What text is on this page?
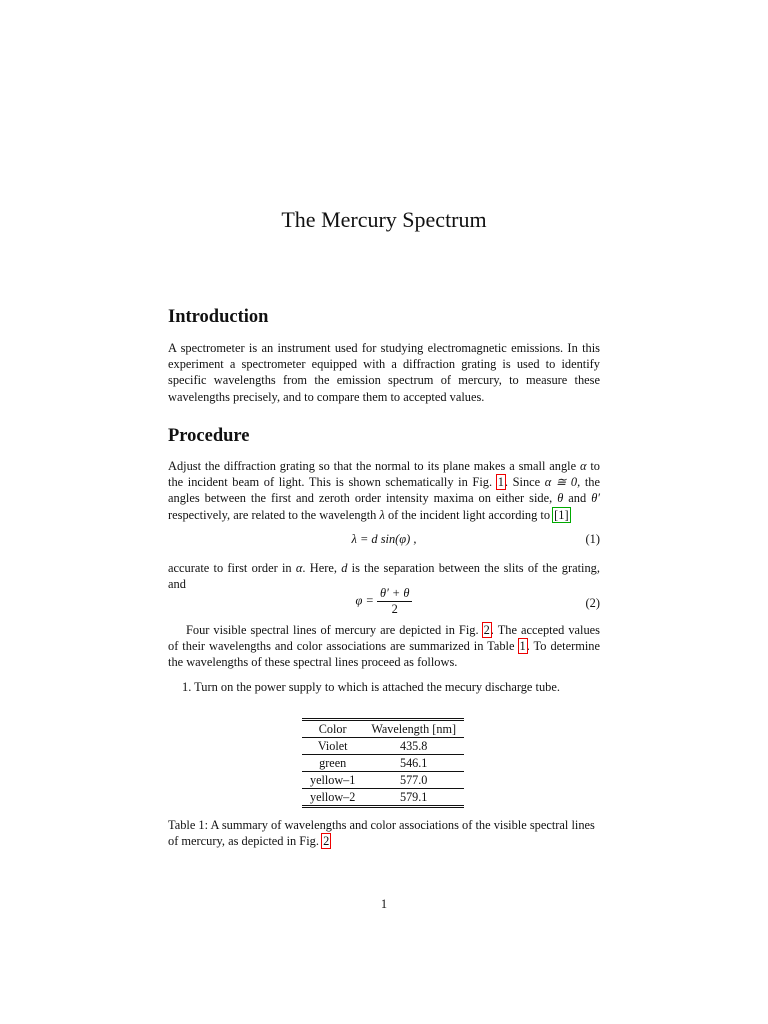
The Mercury Spectrum
Introduction

A spectrometer is an instrument used for studying electromagnetic emissions. In this experiment a spectrometer equipped with a diffraction grating is used to identify specific wavelengths from the emission spectrum of mercury, to measure these wavelengths precisely, and to compare them to accepted values.

Procedure

Adjust the diffraction grating so that the normal to its plane makes a small angle α to the incident beam of light. This is shown schematically in Fig. 1. Since α ≅ 0, the angles between the first and zeroth order intensity maxima on either side, θ and θ′ respectively, are related to the wavelength λ of the incident light according to [1]

λ = d sin(φ) ,	(1)

accurate to first order in α. Here, d is the separation between the slits of the grating, and

$\varphi = \frac{\theta' + \theta}{2}$	(2)

Four visible spectral lines of mercury are depicted in Fig. 2. The accepted values of their wavelengths and color associations are summarized in Table 1. To determine the wavelengths of these spectral lines proceed as follows.

1. Turn on the power supply to which is attached the mecury discharge tube.
Color	Wavelength [nm]
Violet	435.8
green	546.1
yellow–1	577.0
yellow–2	579.1
Table 1: A summary of wavelengths and color associations of the visible spectral lines of mercury, as depicted in Fig. 2
1
